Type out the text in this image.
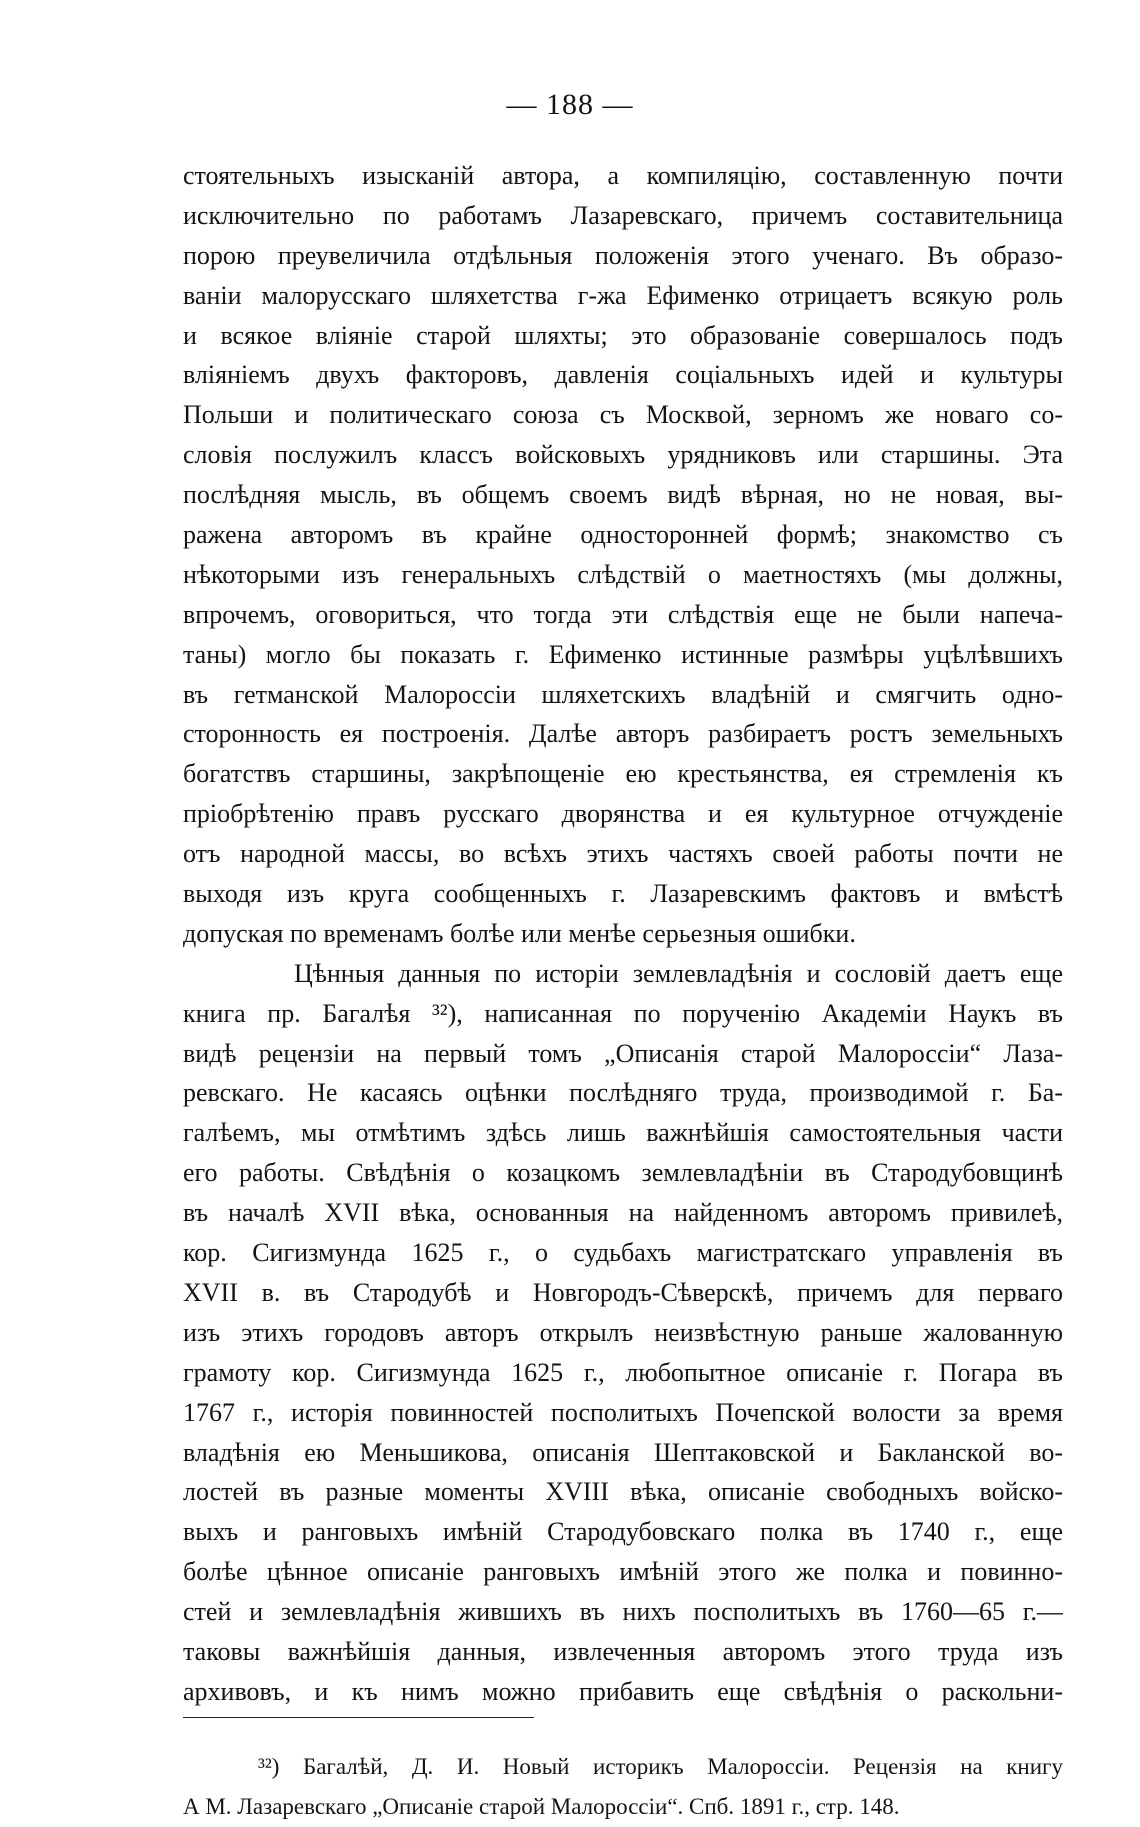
— 188 —
стоятельныхъ изысканій автора, а компиляцію, составленную почти
исключительно по работамъ Лазаревскаго, причемъ составительница
порою преувеличила отдѣльныя положенія этого ученаго. Въ образо-
ваніи малорусскаго шляхетства г-жа Ефименко отрицаетъ всякую роль
и всякое вліяніе старой шляхты; это образованіе совершалось подъ
вліяніемъ двухъ факторовъ, давленія соціальныхъ идей и культуры
Польши и политическаго союза съ Москвой, зерномъ же новаго со-
словія послужилъ классъ войсковыхъ урядниковъ или старшины. Эта
послѣдняя мысль, въ общемъ своемъ видѣ вѣрная, но не новая, вы-
ражена авторомъ въ крайне односторонней формѣ; знакомство съ
нѣкоторыми изъ генеральныхъ слѣдствій о маетностяхъ (мы должны,
впрочемъ, оговориться, что тогда эти слѣдствія еще не были напеча-
таны) могло бы показать г. Ефименко истинные размѣры уцѣлѣвшихъ
въ гетманской Малороссіи шляхетскихъ владѣній и смягчить одно-
сторонность ея построенія. Далѣе авторъ разбираетъ ростъ земельныхъ
богатствъ старшины, закрѣпощеніе ею крестьянства, ея стремленія къ
пріобрѣтенію правъ русскаго дворянства и ея культурное отчужденіе
отъ народной массы, во всѣхъ этихъ частяхъ своей работы почти не
выходя изъ круга сообщенныхъ г. Лазаревскимъ фактовъ и вмѣстѣ
допуская по временамъ болѣе или менѣе серьезныя ошибки.
Цѣнныя данныя по исторіи землевладѣнія и сословій даетъ еще
книга пр. Багалѣя ³²), написанная по порученію Академіи Наукъ въ
видѣ рецензіи на первый томъ „Описанія старой Малороссіи“ Лаза-
ревскаго. Не касаясь оцѣнки послѣдняго труда, производимой г. Ба-
галѣемъ, мы отмѣтимъ здѣсь лишь важнѣйшія самостоятельныя части
его работы. Свѣдѣнія о козацкомъ землевладѣніи въ Стародубовщинѣ
въ началѣ XVII вѣка, основанныя на найденномъ авторомъ привилеѣ,
кор. Сигизмунда 1625 г., о судьбахъ магистратскаго управленія въ
XVII в. въ Стародубѣ и Новгородъ-Сѣверскѣ, причемъ для перваго
изъ этихъ городовъ авторъ открылъ неизвѣстную раньше жалованную
грамоту кор. Сигизмунда 1625 г., любопытное описаніе г. Погара въ
1767 г., исторія повинностей посполитыхъ Почепской волости за время
владѣнія ею Меньшикова, описанія Шептаковской и Бакланской во-
лостей въ разные моменты XVIII вѣка, описаніе свободныхъ войско-
выхъ и ранговыхъ имѣній Стародубовскаго полка въ 1740 г., еще
болѣе цѣнное описаніе ранговыхъ имѣній этого же полка и повинно-
стей и землевладѣнія жившихъ въ нихъ посполитыхъ въ 1760—65 г.—
таковы важнѣйшія данныя, извлеченныя авторомъ этого труда изъ
архивовъ, и къ нимъ можно прибавить еще свѣдѣнія о раскольни-
³²) Багалѣй, Д. И. Новый историкъ Малороссіи. Рецензія на книгу
А М. Лазаревскаго „Описаніе старой Малороссіи“. Спб. 1891 г., стр. 148.
